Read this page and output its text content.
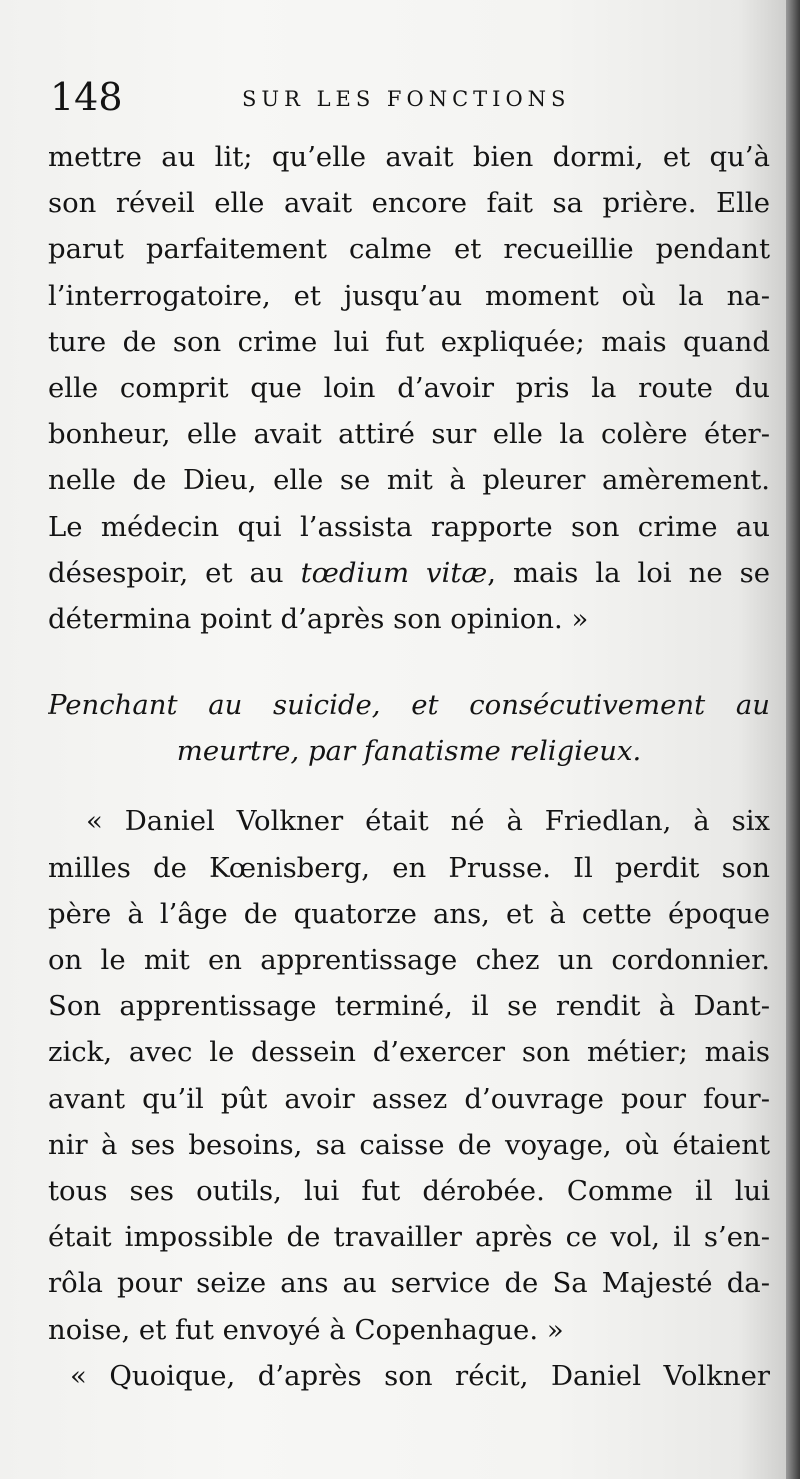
148	SUR LES FONCTIONS
mettre au lit; qu’elle avait bien dormi, et qu’à
son réveil elle avait encore fait sa prière. Elle
parut parfaitement calme et recueillie pendant
l’interrogatoire, et jusqu’au moment où la na-
ture de son crime lui fut expliquée; mais quand
elle comprit que loin d’avoir pris la route du
bonheur, elle avait attiré sur elle la colère éter-
nelle de Dieu, elle se mit à pleurer amèrement.
Le médecin qui l’assista rapporte son crime au
désespoir, et au tœdium vitæ, mais la loi ne se
détermina point d’après son opinion. »
Penchant au suicide, et consécutivement au
meurtre, par fanatisme religieux.
« Daniel Volkner était né à Friedlan, à six
milles de Kœnisberg, en Prusse. Il perdit son
père à l’âge de quatorze ans, et à cette époque
on le mit en apprentissage chez un cordonnier.
Son apprentissage terminé, il se rendit à Dant-
zick, avec le dessein d’exercer son métier; mais
avant qu’il pût avoir assez d’ouvrage pour four-
nir à ses besoins, sa caisse de voyage, où étaient
tous ses outils, lui fut dérobée. Comme il lui
était impossible de travailler après ce vol, il s’en-
rôla pour seize ans au service de Sa Majesté da-
noise, et fut envoyé à Copenhague. »
« Quoique, d’après son récit, Daniel Volkner
